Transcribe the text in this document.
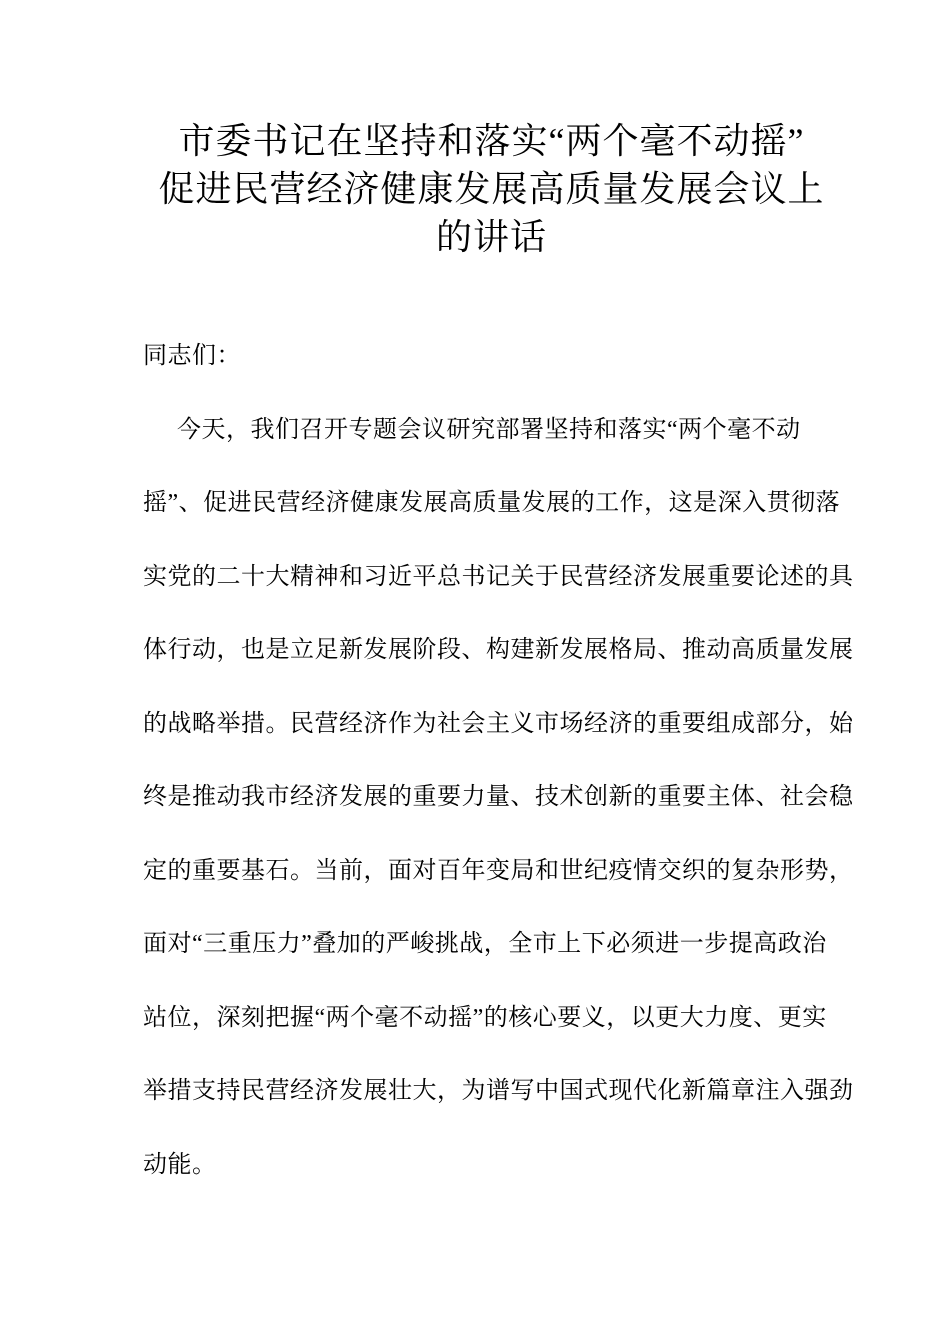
市委书记在坚持和落实“两个毫不动摇”
促进民营经济健康发展高质量发展会议上
的讲话
同志们：
今天，我们召开专题会议研究部署坚持和落实“两个毫不动
摇”、促进民营经济健康发展高质量发展的工作，这是深入贯彻落
实党的二十大精神和习近平总书记关于民营经济发展重要论述的具
体行动，也是立足新发展阶段、构建新发展格局、推动高质量发展
的战略举措。民营经济作为社会主义市场经济的重要组成部分，始
终是推动我市经济发展的重要力量、技术创新的重要主体、社会稳
定的重要基石。当前，面对百年变局和世纪疫情交织的复杂形势，
面对“三重压力”叠加的严峻挑战，全市上下必须进一步提高政治
站位，深刻把握“两个毫不动摇”的核心要义，以更大力度、更实
举措支持民营经济发展壮大，为谱写中国式现代化新篇章注入强劲
动能。
